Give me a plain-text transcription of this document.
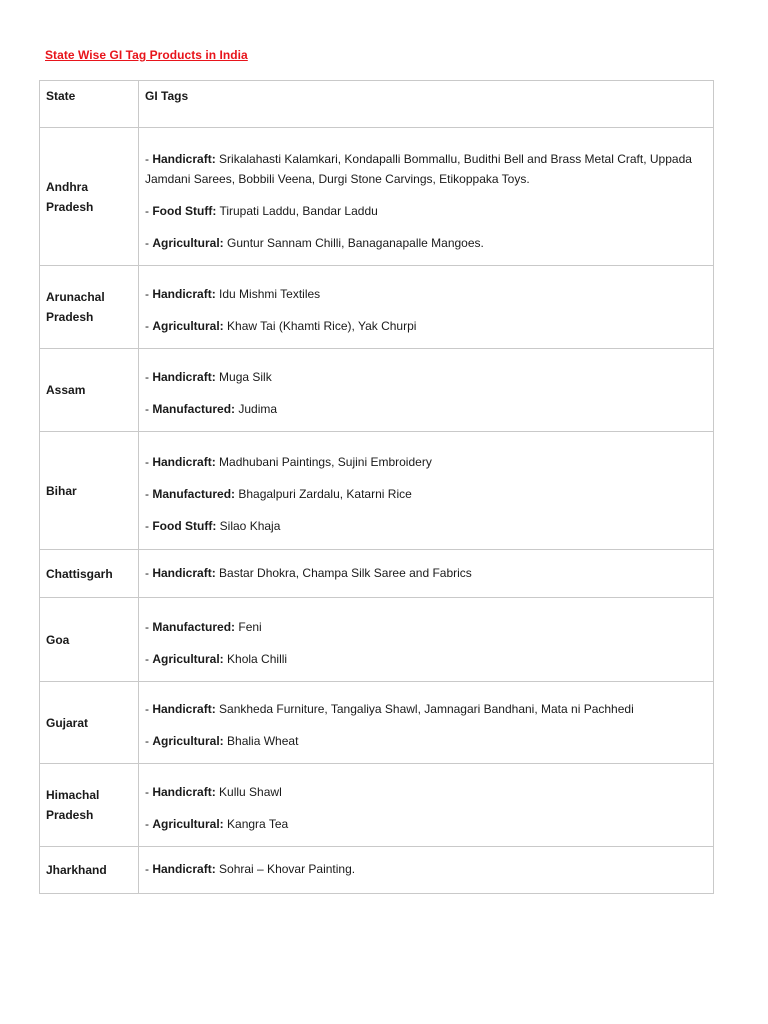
State Wise GI Tag Products in India
State	GI Tags

Andhra Pradesh	- Handicraft: Srikalahasti Kalamkari, Kondapalli Bommallu, Budithi Bell and Brass Metal Craft, Uppada Jamdani Sarees, Bobbili Veena, Durgi Stone Carvings, Etikoppaka Toys.

- Food Stuff: Tirupati Laddu, Bandar Laddu

- Agricultural: Guntur Sannam Chilli, Banaganapalle Mangoes.

Arunachal Pradesh	- Handicraft: Idu Mishmi Textiles

- Agricultural: Khaw Tai (Khamti Rice), Yak Churpi

Assam	- Handicraft: Muga Silk

- Manufactured: Judima

Bihar	- Handicraft: Madhubani Paintings, Sujini Embroidery

- Manufactured: Bhagalpuri Zardalu, Katarni Rice

- Food Stuff: Silao Khaja

Chattisgarh	- Handicraft: Bastar Dhokra, Champa Silk Saree and Fabrics

Goa	- Manufactured: Feni

- Agricultural: Khola Chilli

Gujarat	- Handicraft: Sankheda Furniture, Tangaliya Shawl, Jamnagari Bandhani, Mata ni Pachhedi

- Agricultural: Bhalia Wheat

Himachal Pradesh	- Handicraft: Kullu Shawl

- Agricultural: Kangra Tea

Jharkhand	- Handicraft: Sohrai – Khovar Painting.
